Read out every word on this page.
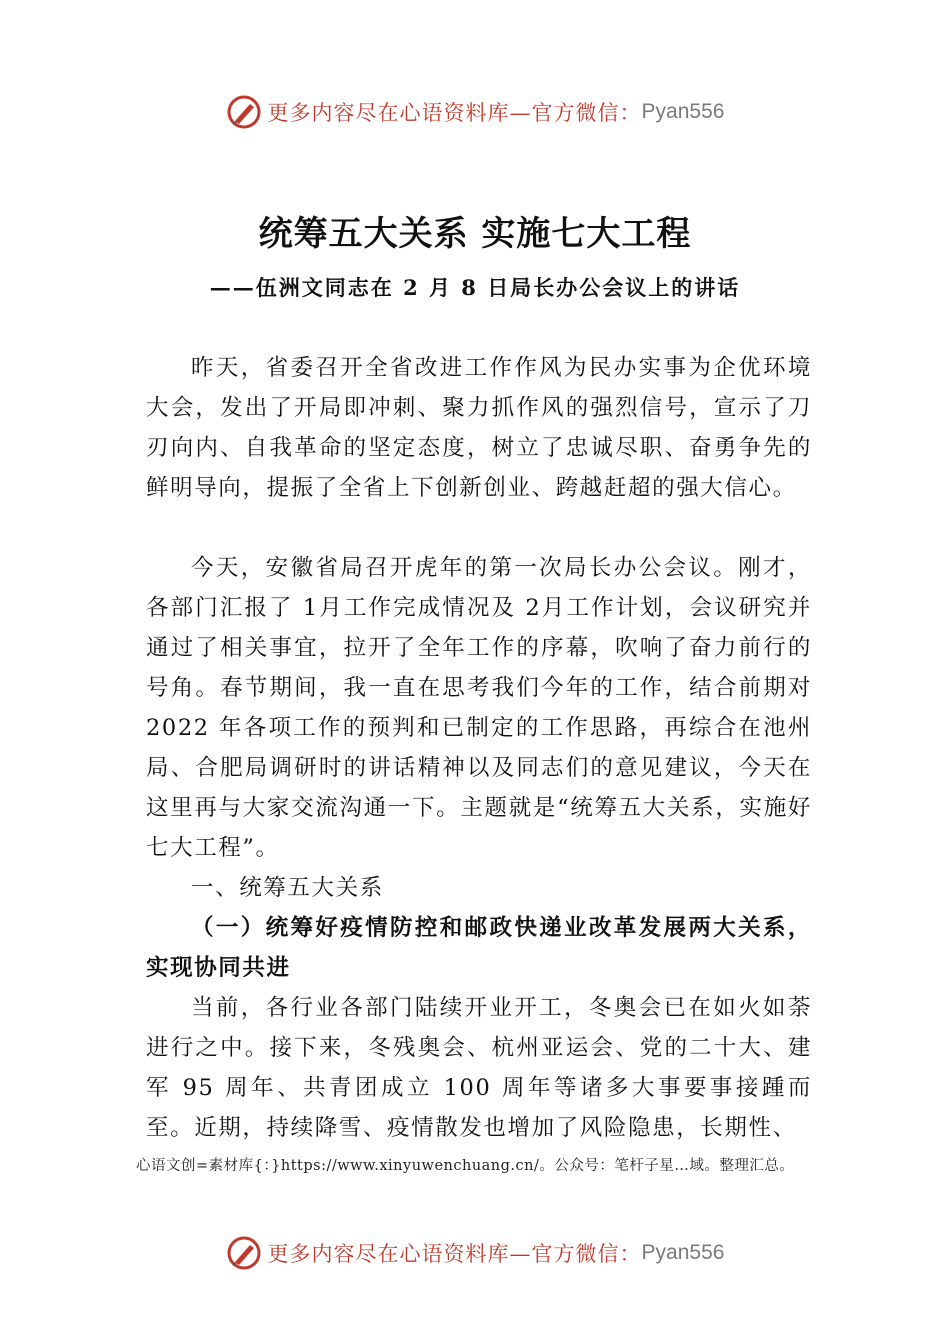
更多内容尽在心语资料库—官方微信： Pyan556
统筹五大关系 实施七大工程
——伍洲文同志在 2 月 8 日局长办公会议上的讲话

昨天，省委召开全省改进工作作风为民办实事为企优环境大会，发出了开局即冲刺、聚力抓作风的强烈信号，宣示了刀刃向内、自我革命的坚定态度，树立了忠诚尽职、奋勇争先的鲜明导向，提振了全省上下创新创业、跨越赶超的强大信心。

今天，安徽省局召开虎年的第一次局长办公会议。刚才，各部门汇报了 1月工作完成情况及 2月工作计划，会议研究并通过了相关事宜，拉开了全年工作的序幕，吹响了奋力前行的号角。春节期间，我一直在思考我们今年的工作，结合前期对 2022 年各项工作的预判和已制定的工作思路，再综合在池州局、合肥局调研时的讲话精神以及同志们的意见建议，今天在这里再与大家交流沟通一下。主题就是“统筹五大关系，实施好七大工程”。

一、统筹五大关系

（一）统筹好疫情防控和邮政快递业改革发展两大关系，实现协同共进

当前，各行业各部门陆续开业开工，冬奥会已在如火如荼进行之中。接下来，冬残奥会、杭州亚运会、党的二十大、建军 95 周年、共青团成立 100 周年等诸多大事要事接踵而至。近期，持续降雪、疫情散发也增加了风险隐患，长期性、

心语文创=素材库{：}https://www.xinyuwenchuang.cn/。公众号：笔杆子星…域。整理汇总。
更多内容尽在心语资料库—官方微信： Pyan556
